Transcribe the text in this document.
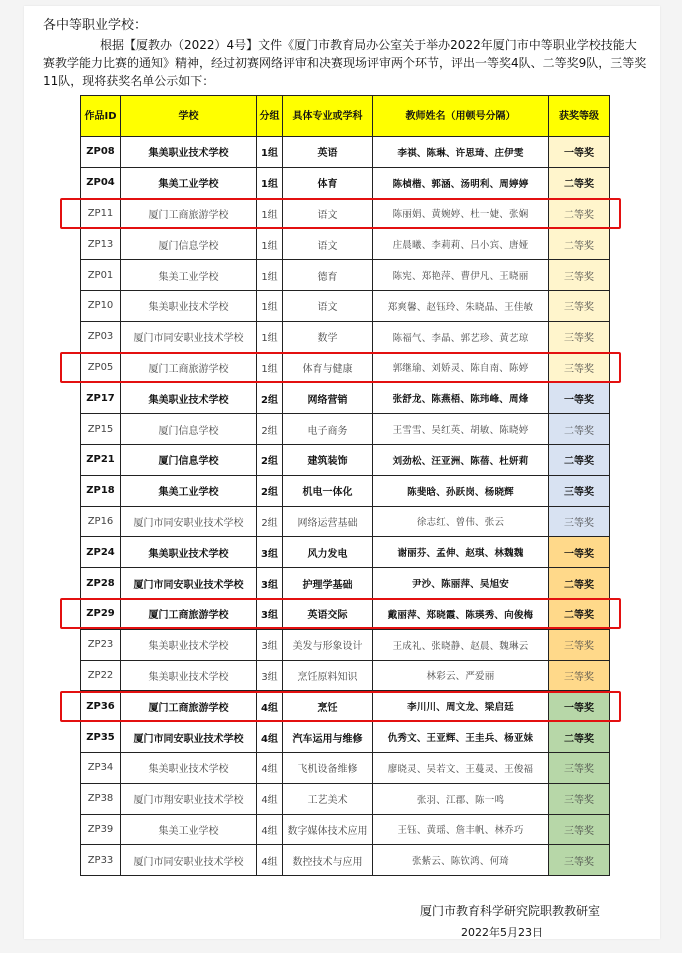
各中等职业学校：
根据【厦教办（2022）4号】文件《厦门市教育局办公室关于举办2022年厦门市中等职业学校技能大赛教学能力比赛的通知》精神，经过初赛网络评审和决赛现场评审两个环节，评出一等奖4队、二等奖9队，三等奖11队，现将获奖名单公示如下：
作品ID	学校	分组	具体专业或学科	教师姓名（用顿号分隔）	获奖等级
ZP08	集美职业技术学校	1组	英语	李祺、陈琳、许思琦、庄伊雯	一等奖
ZP04	集美工业学校	1组	体育	陈楨楷、郭涵、汤明利、周婷婷	二等奖
ZP11	厦门工商旅游学校	1组	语文	陈丽娟、黄婉婷、杜一婕、张娴	二等奖
ZP13	厦门信息学校	1组	语文	庄晨曦、李莉莉、吕小宾、唐娅	二等奖
ZP01	集美工业学校	1组	德育	陈宪、郑艳萍、曹伊凡、王晓丽	三等奖
ZP10	集美职业技术学校	1组	语文	郑爽馨、赵钰玲、朱晓晶、王佳敏	三等奖
ZP03	厦门市同安职业技术学校	1组	数学	陈福气、李晶、郭艺珍、黄艺琼	三等奖
ZP05	厦门工商旅游学校	1组	体育与健康	郭继瑜、刘娇灵、陈自南、陈婷	三等奖
ZP17	集美职业技术学校	2组	网络营销	张舒龙、陈燕梧、陈玮峰、周烽	一等奖
ZP15	厦门信息学校	2组	电子商务	王雪雪、吴红英、胡敏、陈晓婷	二等奖
ZP21	厦门信息学校	2组	建筑装饰	刘劲松、汪亚洲、陈蓓、杜妍莉	二等奖
ZP18	集美工业学校	2组	机电一体化	陈斐晗、孙跃岗、杨晓辉	三等奖
ZP16	厦门市同安职业技术学校	2组	网络运营基础	徐志红、曾伟、张云	三等奖
ZP24	集美职业技术学校	3组	风力发电	谢丽芬、孟伸、赵琪、林魏魏	一等奖
ZP28	厦门市同安职业技术学校	3组	护理学基础	尹沙、陈丽萍、吴旭安	二等奖
ZP29	厦门工商旅游学校	3组	英语交际	戴丽萍、郑晓霞、陈瑛秀、向俊梅	二等奖
ZP23	集美职业技术学校	3组	美发与形象设计	王成礼、张晓静、赵晨、魏琳云	三等奖
ZP22	集美职业技术学校	3组	烹饪原料知识	林彩云、严爱丽	三等奖
ZP36	厦门工商旅游学校	4组	烹饪	李川川、周文龙、梁启廷	一等奖
ZP35	厦门市同安职业技术学校	4组	汽车运用与维修	仇秀文、王亚辉、王圭兵、杨亚妹	二等奖
ZP34	集美职业技术学校	4组	飞机设备维修	廖晓灵、吴若文、王蔓灵、王俊福	三等奖
ZP38	厦门市翔安职业技术学校	4组	工艺美术	张羽、江郡、陈一鸣	三等奖
ZP39	集美工业学校	4组	数字媒体技术应用	王钰、黄瑶、詹丰帆、林乔巧	三等奖
ZP33	厦门市同安职业技术学校	4组	数控技术与应用	张紫云、陈钦鸿、何琦	三等奖
厦门市教育科学研究院职教教研室
2022年5月23日
